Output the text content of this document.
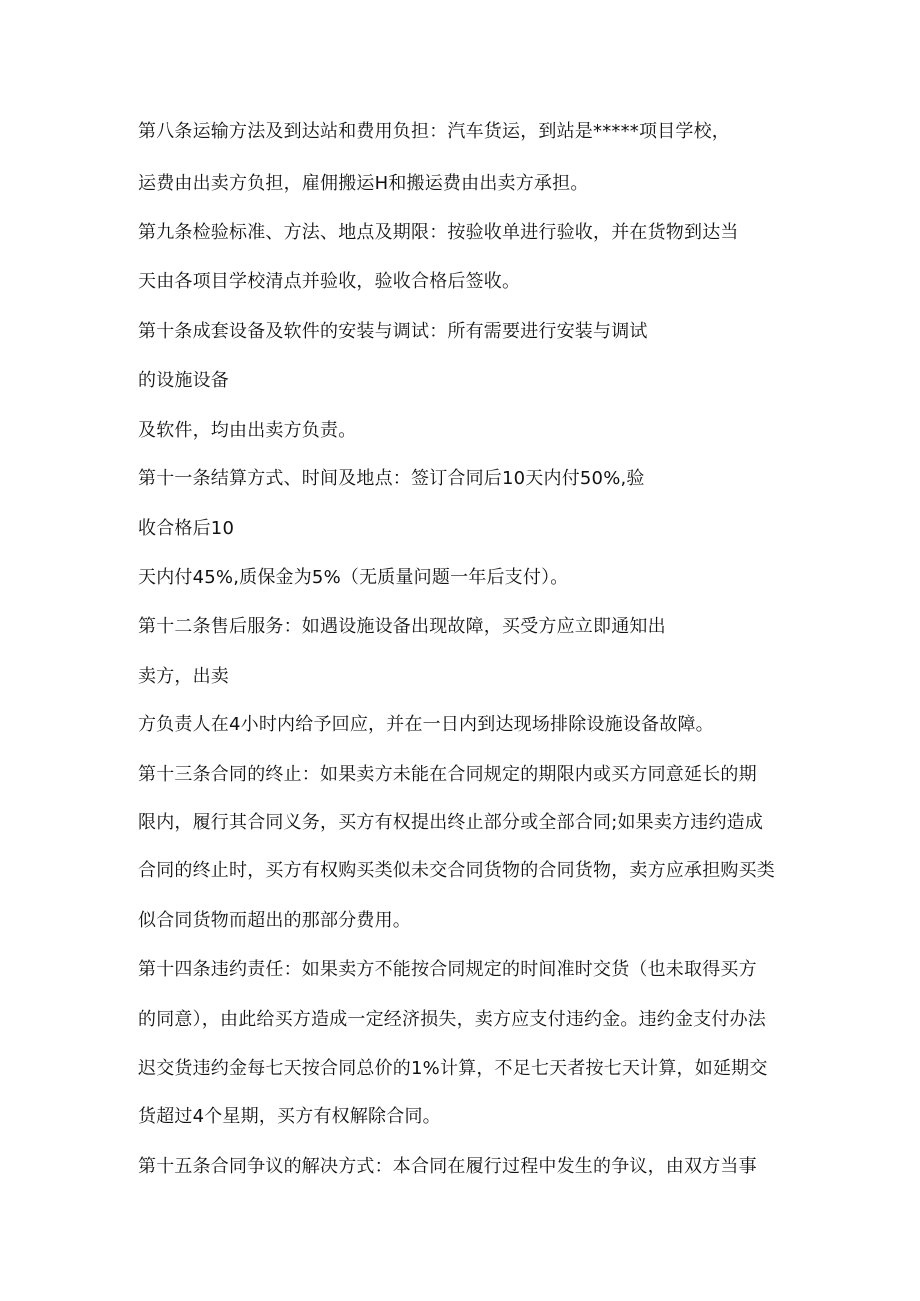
第八条运输方法及到达站和费用负担：汽车货运，到站是*****项目学校，
运费由出卖方负担，雇佣搬运H和搬运费由出卖方承担。
第九条检验标准、方法、地点及期限：按验收单进行验收，并在货物到达当
天由各项目学校清点并验收，验收合格后签收。
第十条成套设备及软件的安装与调试：所有需要进行安装与调试
的设施设备
及软件，均由出卖方负责。
第十一条结算方式、时间及地点：签订合同后10天内付50%,验
收合格后10
天内付45%,质保金为5%（无质量问题一年后支付）。
第十二条售后服务：如遇设施设备出现故障，买受方应立即通知出
卖方，出卖
方负责人在4小时内给予回应，并在一日内到达现场排除设施设备故障。
第十三条合同的终止：如果卖方未能在合同规定的期限内或买方同意延长的期
限内，履行其合同义务，买方有权提出终止部分或全部合同;如果卖方违约造成
合同的终止时，买方有权购买类似未交合同货物的合同货物，卖方应承担购买类
似合同货物而超出的那部分费用。
第十四条违约责任：如果卖方不能按合同规定的时间准时交货（也未取得买方
的同意），由此给买方造成一定经济损失，卖方应支付违约金。违约金支付办法
迟交货违约金每七天按合同总价的1%计算，不足七天者按七天计算，如延期交
货超过4个星期，买方有权解除合同。
第十五条合同争议的解决方式：本合同在履行过程中发生的争议，由双方当事
